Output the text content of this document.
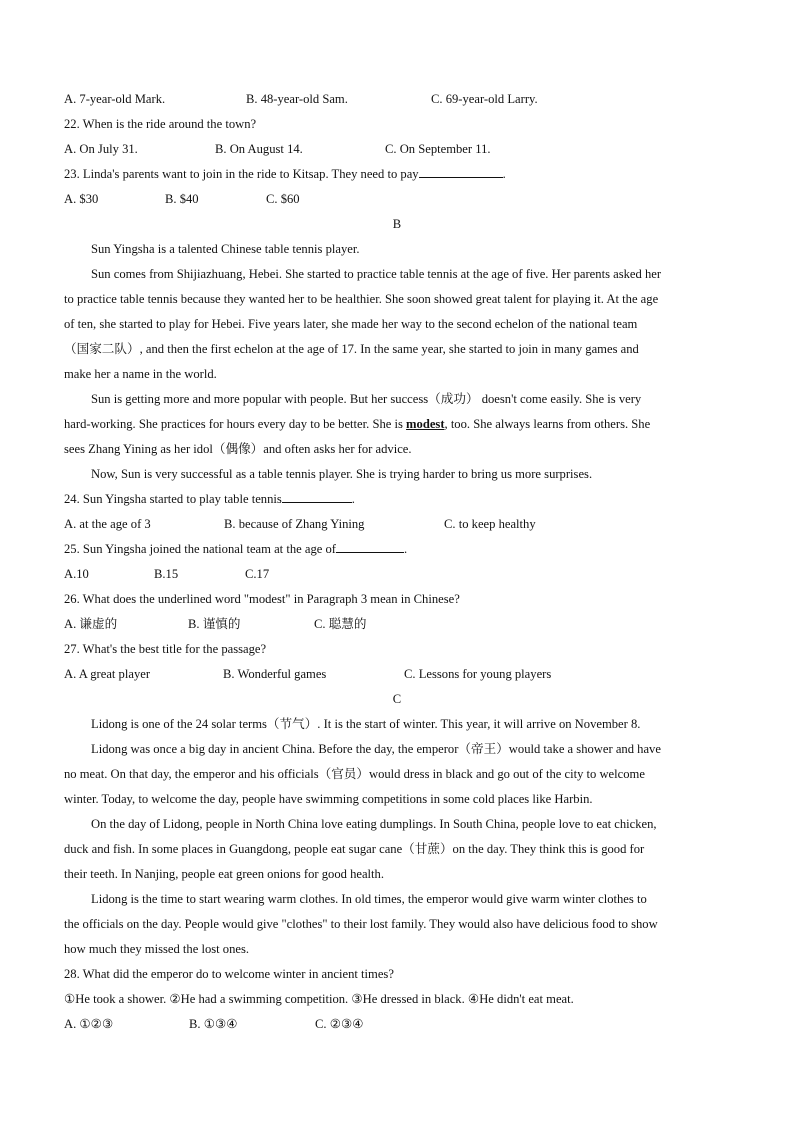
A. 7-year-old Mark.	B. 48-year-old Sam.	C. 69-year-old Larry.
22. When is the ride around the town?
A. On July 31.	B. On August 14.	C. On September 11.
23. Linda's parents want to join in the ride to Kitsap. They need to pay	.
A. $30	B. $40	C. $60
B
Sun Yingsha is a talented Chinese table tennis player.
Sun comes from Shijiazhuang, Hebei. She started to practice table tennis at the age of five. Her parents asked her
to practice table tennis because they wanted her to be healthier. She soon showed great talent for playing it. At the age
of ten, she started to play for Hebei. Five years later, she made her way to the second echelon of the national team
（国家二队）, and then the first echelon at the age of 17. In the same year, she started to join in many games and
make her a name in the world.
Sun is getting more and more popular with people. But her success（成功） doesn't come easily. She is very
hard-working. She practices for hours every day to be better. She is modest, too. She always learns from others. She
sees Zhang Yining as her idol（偶像）and often asks her for advice.
Now, Sun is very successful as a table tennis player. She is trying harder to bring us more surprises.
24. Sun Yingsha started to play table tennis	.
A. at the age of 3	B. because of Zhang Yining	C. to keep healthy
25. Sun Yingsha joined the national team at the age of	.
A.10	B.15	C.17
26. What does the underlined word "modest" in Paragraph 3 mean in Chinese?
A. 谦虚的	B. 谨慎的	C. 聪慧的
27. What's the best title for the passage?
A. A great player	B. Wonderful games	C. Lessons for young players
C
Lidong is one of the 24 solar terms（节气）. It is the start of winter. This year, it will arrive on November 8.
Lidong was once a big day in ancient China. Before the day, the emperor（帝王）would take a shower and have
no meat. On that day, the emperor and his officials（官员）would dress in black and go out of the city to welcome
winter. Today, to welcome the day, people have swimming competitions in some cold places like Harbin.
On the day of Lidong, people in North China love eating dumplings. In South China, people love to eat chicken,
duck and fish. In some places in Guangdong, people eat sugar cane（甘蔗）on the day. They think this is good for
their teeth. In Nanjing, people eat green onions for good health.
Lidong is the time to start wearing warm clothes. In old times, the emperor would give warm winter clothes to
the officials on the day. People would give "clothes" to their lost family. They would also have delicious food to show
how much they missed the lost ones.
28. What did the emperor do to welcome winter in ancient times?
①He took a shower. ②He had a swimming competition. ③He dressed in black. ④He didn't eat meat.
A. ①②③	B. ①③④	C. ②③④
